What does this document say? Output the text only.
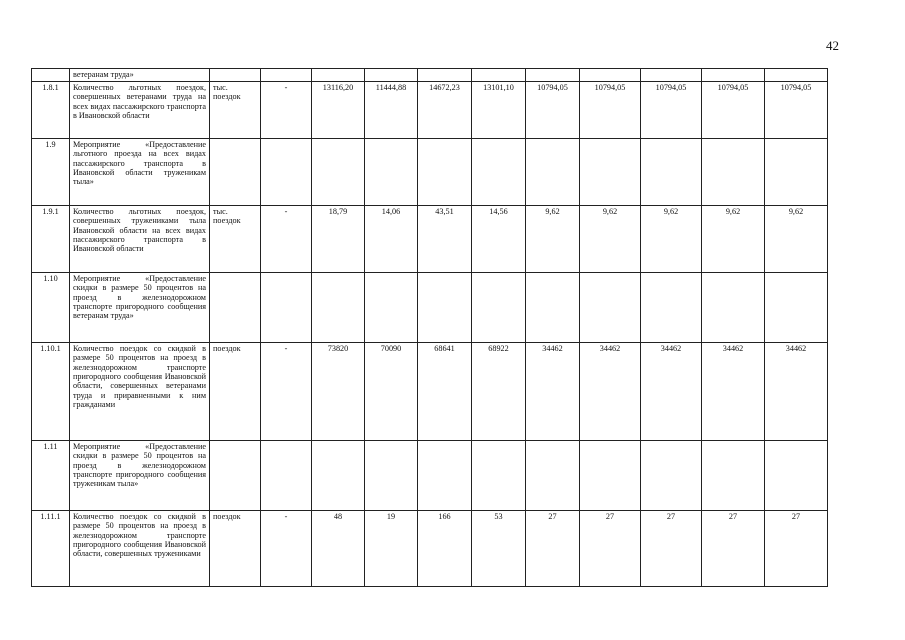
42
	ветеранам труда»											
1.8.1	Количество льготных поездок, совершенных ветеранами труда на всех видах пассажирского транспорта в Ивановской области	тыс. поездок	-	13116,20	11444,88	14672,23	13101,10	10794,05	10794,05	10794,05	10794,05	10794,05
1.9	Мероприятие «Предоставление льготного проезда на всех видах пассажирского транспорта в Ивановской области труженикам тыла»											
1.9.1	Количество льготных поездок, совершенных тружениками тыла Ивановской области на всех видах пассажирского транспорта в Ивановской области	тыс. поездок	-	18,79	14,06	43,51	14,56	9,62	9,62	9,62	9,62	9,62
1.10	Мероприятие «Предоставление скидки в размере 50 процентов на проезд в железнодорожном транспорте пригородного сообщения ветеранам труда»											
1.10.1	Количество поездок со скидкой в размере 50 процентов на проезд в железнодорожном транспорте пригородного сообщения Ивановской области, совершенных ветеранами труда и приравненными к ним гражданами	поездок	-	73820	70090	68641	68922	34462	34462	34462	34462	34462
1.11	Мероприятие «Предоставление скидки в размере 50 процентов на проезд в железнодорожном транспорте пригородного сообщения труженикам тыла»											
1.11.1	Количество поездок со скидкой в размере 50 процентов на проезд в железнодорожном транспорте пригородного сообщения Ивановской области, совершенных тружениками	поездок	-	48	19	166	53	27	27	27	27	27
